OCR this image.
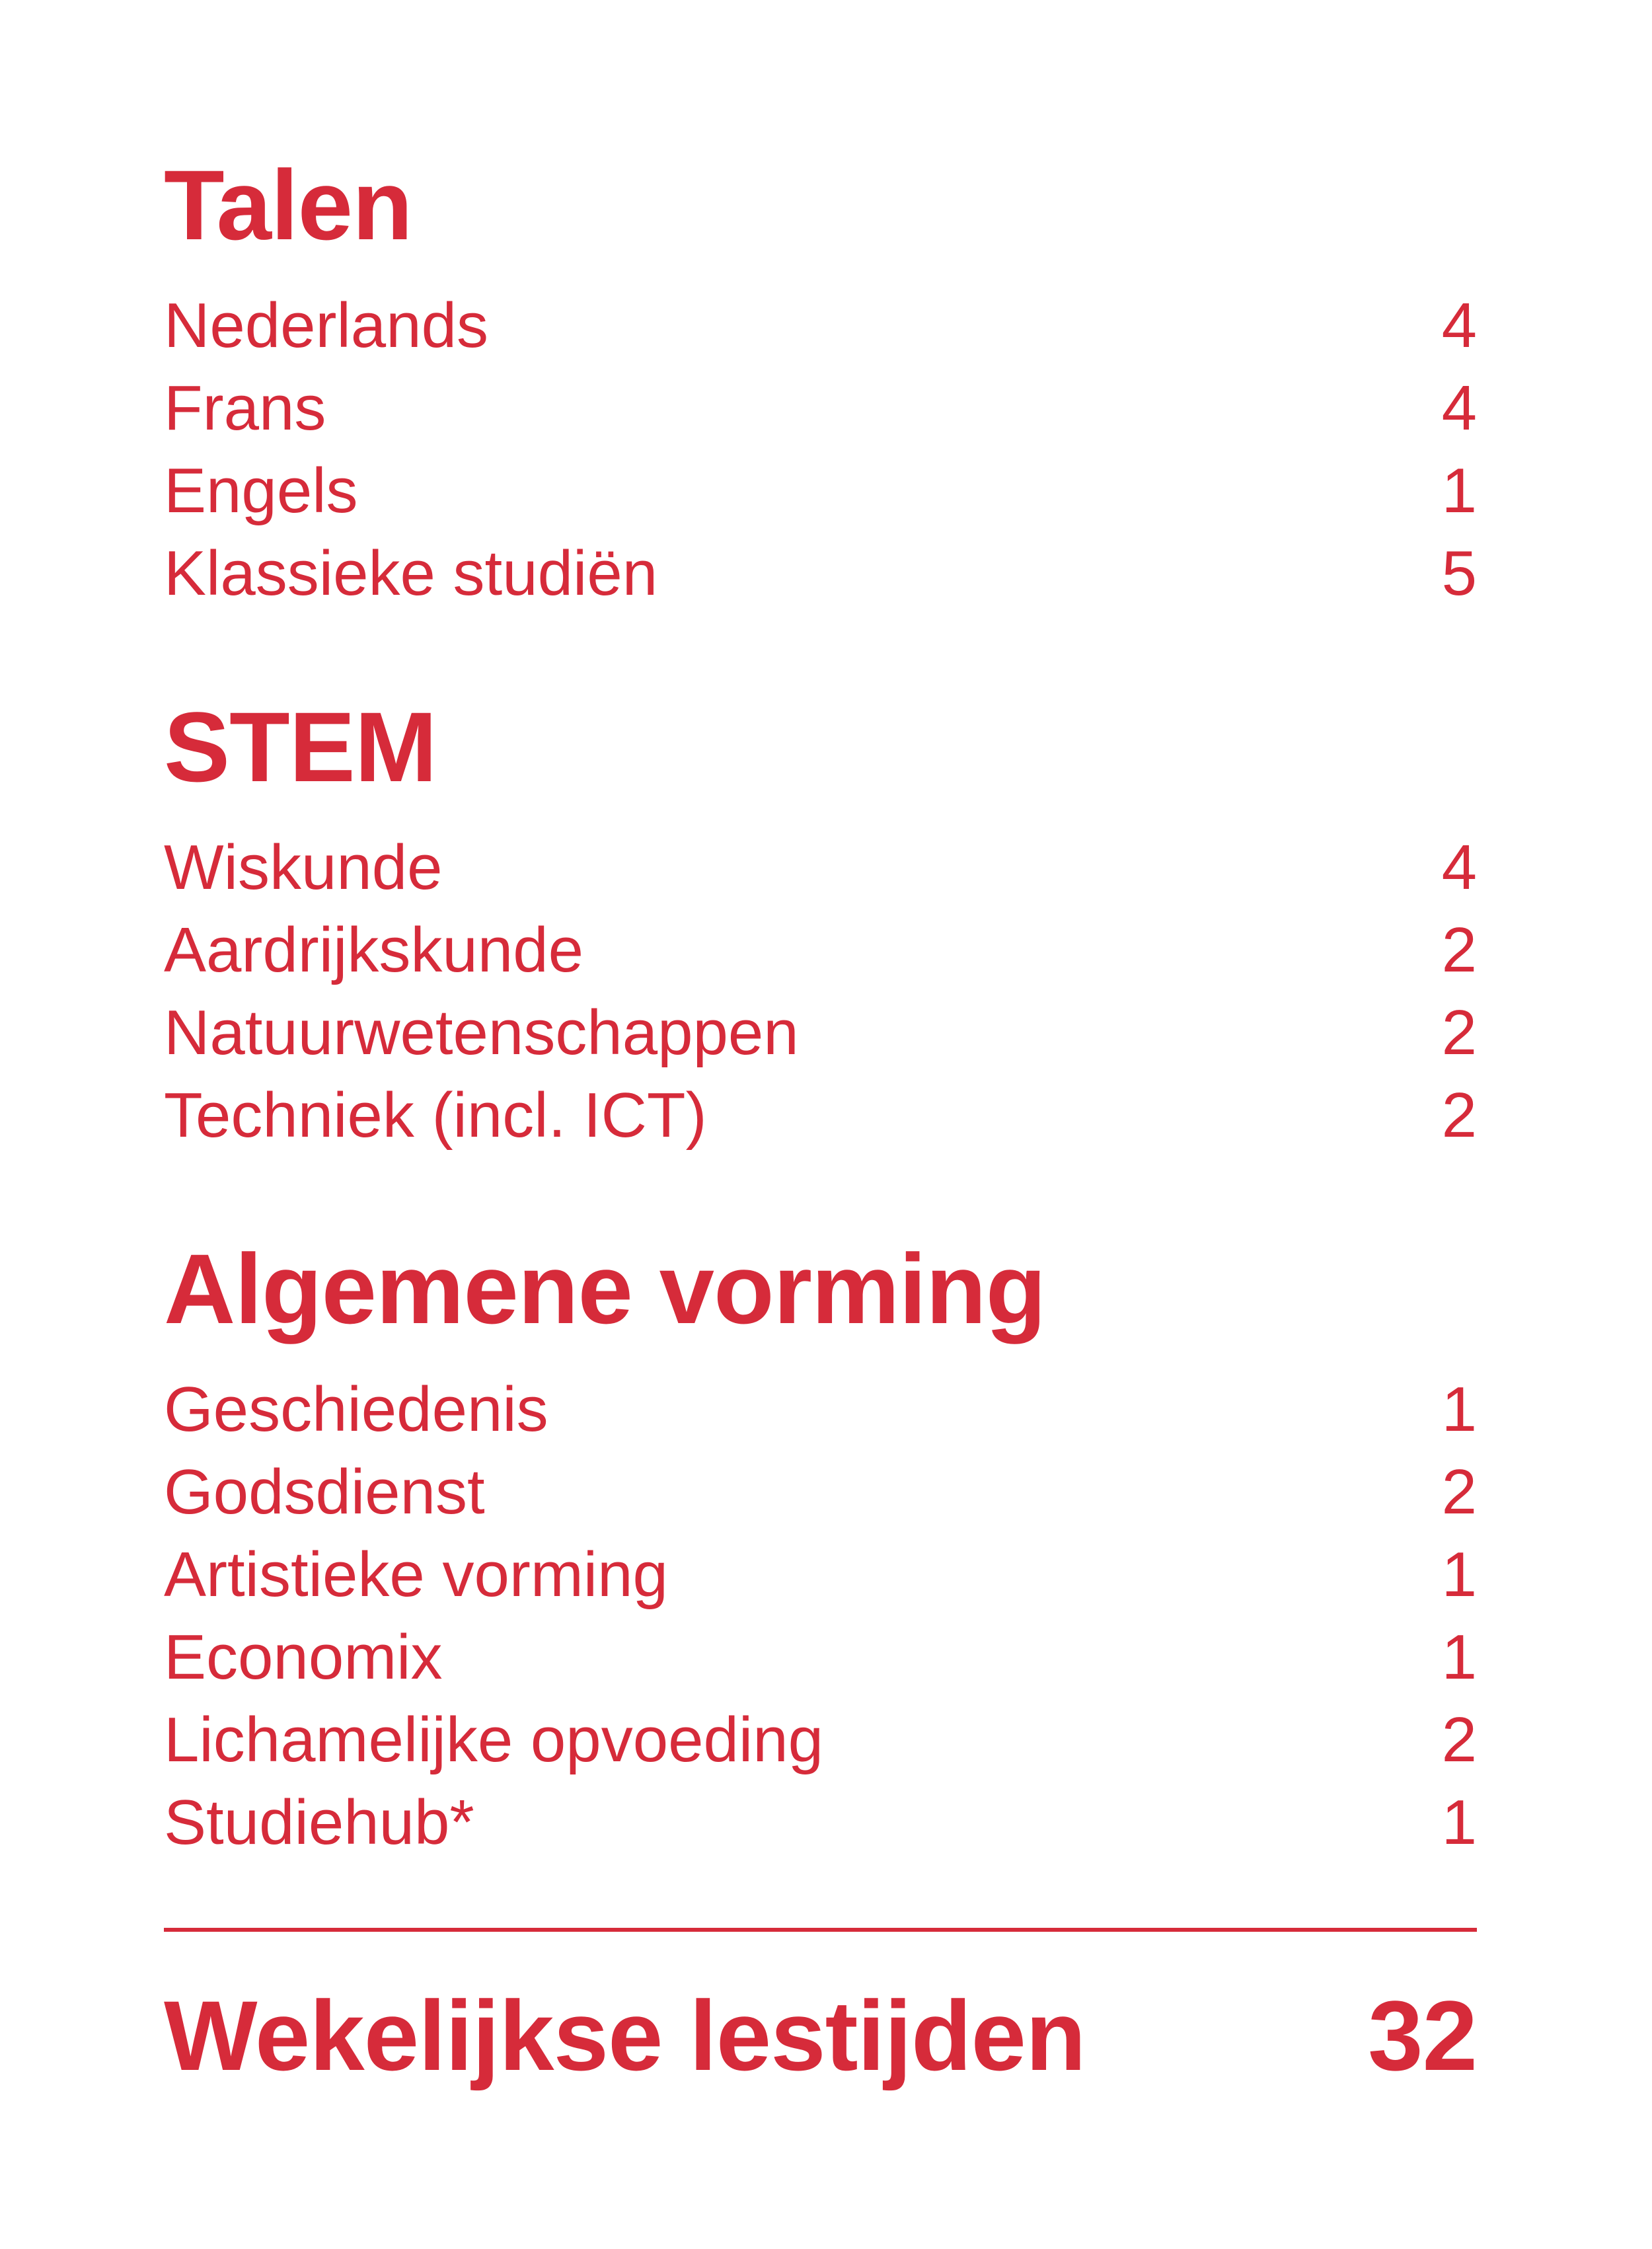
Talen
Nederlands	4
Frans	4
Engels	1
Klassieke studiën	5
STEM
Wiskunde	4
Aardrijkskunde	2
Natuurwetenschappen	2
Techniek (incl. ICT)	2
Algemene vorming
Geschiedenis	1
Godsdienst	2
Artistieke vorming	1
Economix	1
Lichamelijke opvoeding	2
Studiehub*	1
Wekelijkse lestijden	32
